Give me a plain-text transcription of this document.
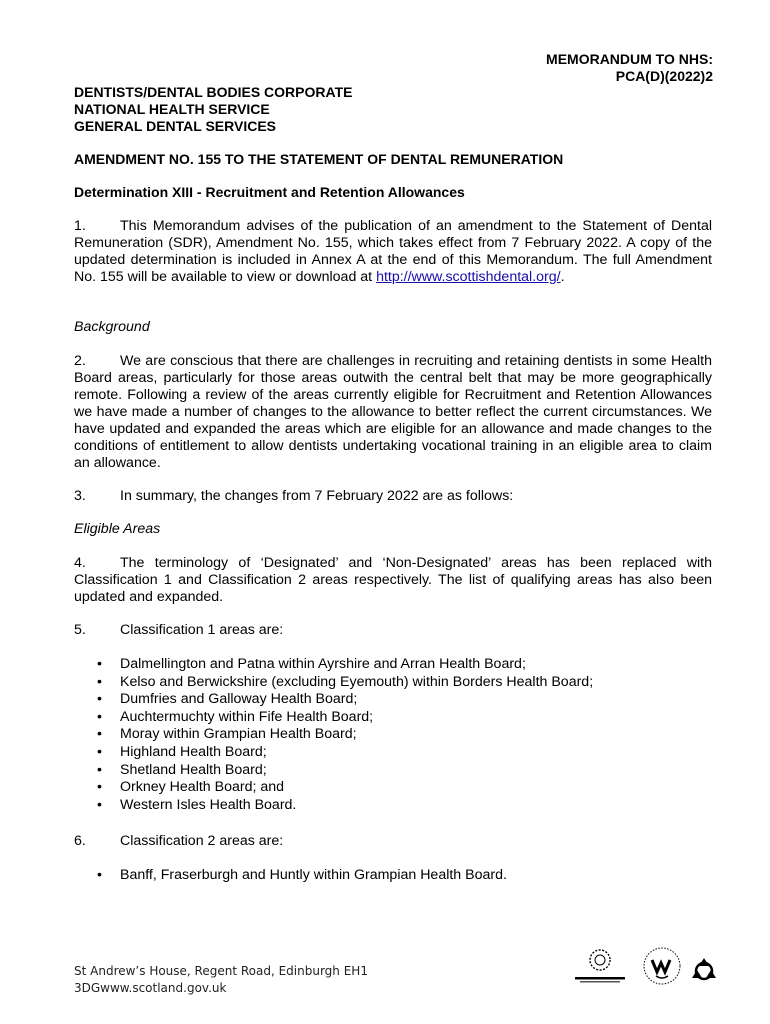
MEMORANDUM TO NHS:
PCA(D)(2022)2
DENTISTS/DENTAL BODIES CORPORATE
NATIONAL HEALTH SERVICE
GENERAL DENTAL SERVICES
AMENDMENT NO. 155 TO THE STATEMENT OF DENTAL REMUNERATION
Determination XIII - Recruitment and Retention Allowances
1. This Memorandum advises of the publication of an amendment to the Statement of Dental Remuneration (SDR), Amendment No. 155, which takes effect from 7 February 2022. A copy of the updated determination is included in Annex A at the end of this Memorandum. The full Amendment No. 155 will be available to view or download at http://www.scottishdental.org/.
Background
2. We are conscious that there are challenges in recruiting and retaining dentists in some Health Board areas, particularly for those areas outwith the central belt that may be more geographically remote. Following a review of the areas currently eligible for Recruitment and Retention Allowances we have made a number of changes to the allowance to better reflect the current circumstances. We have updated and expanded the areas which are eligible for an allowance and made changes to the conditions of entitlement to allow dentists undertaking vocational training in an eligible area to claim an allowance.
3. In summary, the changes from 7 February 2022 are as follows:
Eligible Areas
4. The terminology of ‘Designated’ and ‘Non-Designated’ areas has been replaced with Classification 1 and Classification 2 areas respectively. The list of qualifying areas has also been updated and expanded.
5. Classification 1 areas are:
• Dalmellington and Patna within Ayrshire and Arran Health Board;
• Kelso and Berwickshire (excluding Eyemouth) within Borders Health Board;
• Dumfries and Galloway Health Board;
• Auchtermuchty within Fife Health Board;
• Moray within Grampian Health Board;
• Highland Health Board;
• Shetland Health Board;
• Orkney Health Board; and
• Western Isles Health Board.
6. Classification 2 areas are:
• Banff, Fraserburgh and Huntly within Grampian Health Board.
St Andrew’s House, Regent Road, Edinburgh EH1
3DGwww.scotland.gov.uk
